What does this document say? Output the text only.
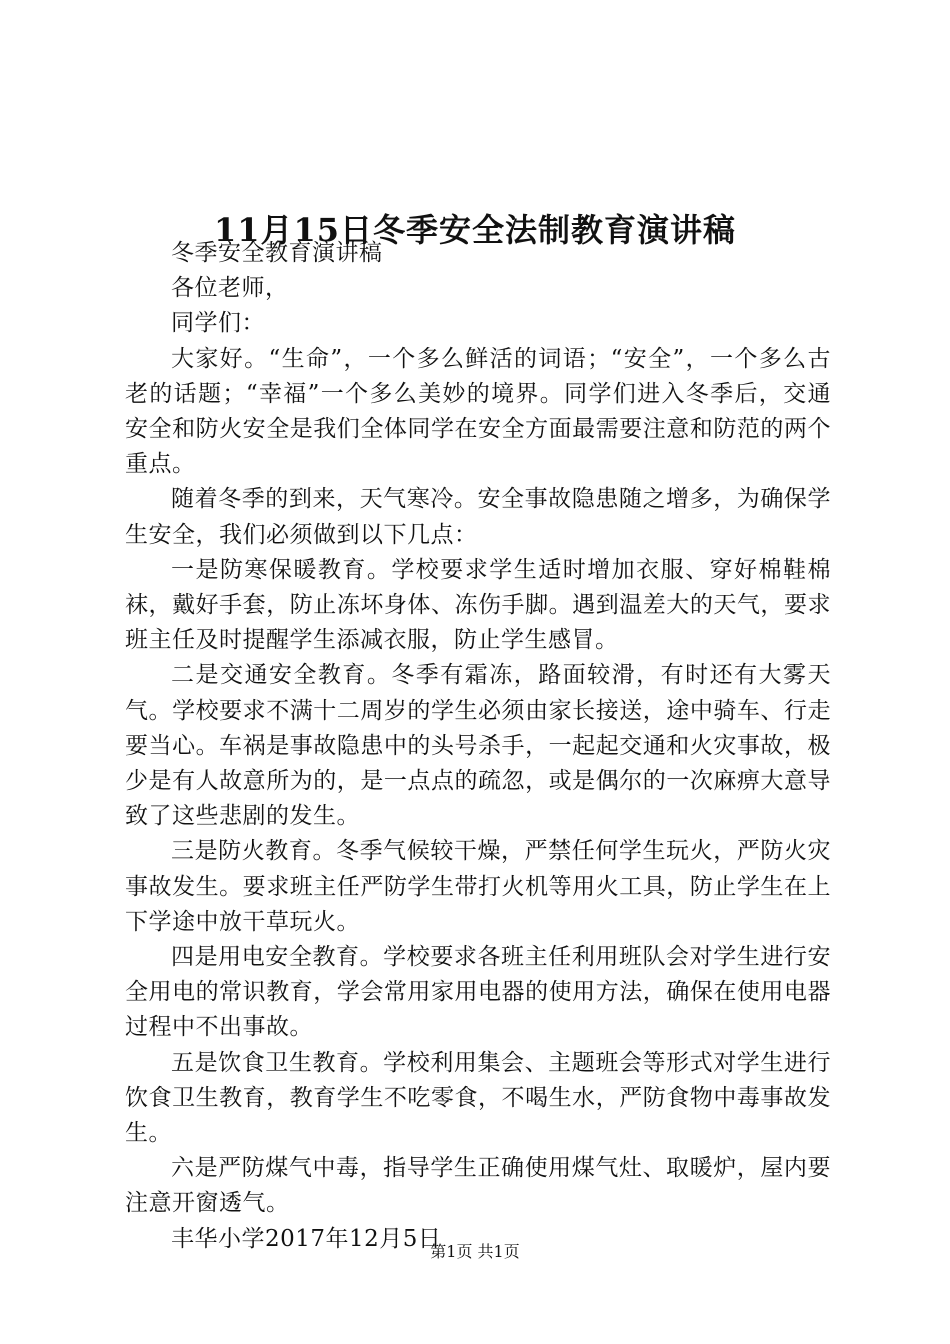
11月15日冬季安全法制教育演讲稿

冬季安全教育演讲稿

各位老师，

同学们：

大家好。“生命”，一个多么鲜活的词语；“安全”，一个多么古老的话题；“幸福”一个多么美妙的境界。同学们进入冬季后，交通安全和防火安全是我们全体同学在安全方面最需要注意和防范的两个重点。

随着冬季的到来，天气寒冷。安全事故隐患随之增多，为确保学生安全，我们必须做到以下几点：

一是防寒保暖教育。学校要求学生适时增加衣服、穿好棉鞋棉袜，戴好手套，防止冻坏身体、冻伤手脚。遇到温差大的天气，要求班主任及时提醒学生添减衣服，防止学生感冒。

二是交通安全教育。冬季有霜冻，路面较滑，有时还有大雾天气。学校要求不满十二周岁的学生必须由家长接送，途中骑车、行走要当心。车祸是事故隐患中的头号杀手，一起起交通和火灾事故，极少是有人故意所为的，是一点点的疏忽，或是偶尔的一次麻痹大意导致了这些悲剧的发生。

三是防火教育。冬季气候较干燥，严禁任何学生玩火，严防火灾事故发生。要求班主任严防学生带打火机等用火工具，防止学生在上下学途中放干草玩火。

四是用电安全教育。学校要求各班主任利用班队会对学生进行安全用电的常识教育，学会常用家用电器的使用方法，确保在使用电器过程中不出事故。

五是饮食卫生教育。学校利用集会、主题班会等形式对学生进行饮食卫生教育，教育学生不吃零食，不喝生水，严防食物中毒事故发生。

六是严防煤气中毒，指导学生正确使用煤气灶、取暖炉，屋内要注意开窗透气。

丰华小学2017年12月5日

第1页 共1页
